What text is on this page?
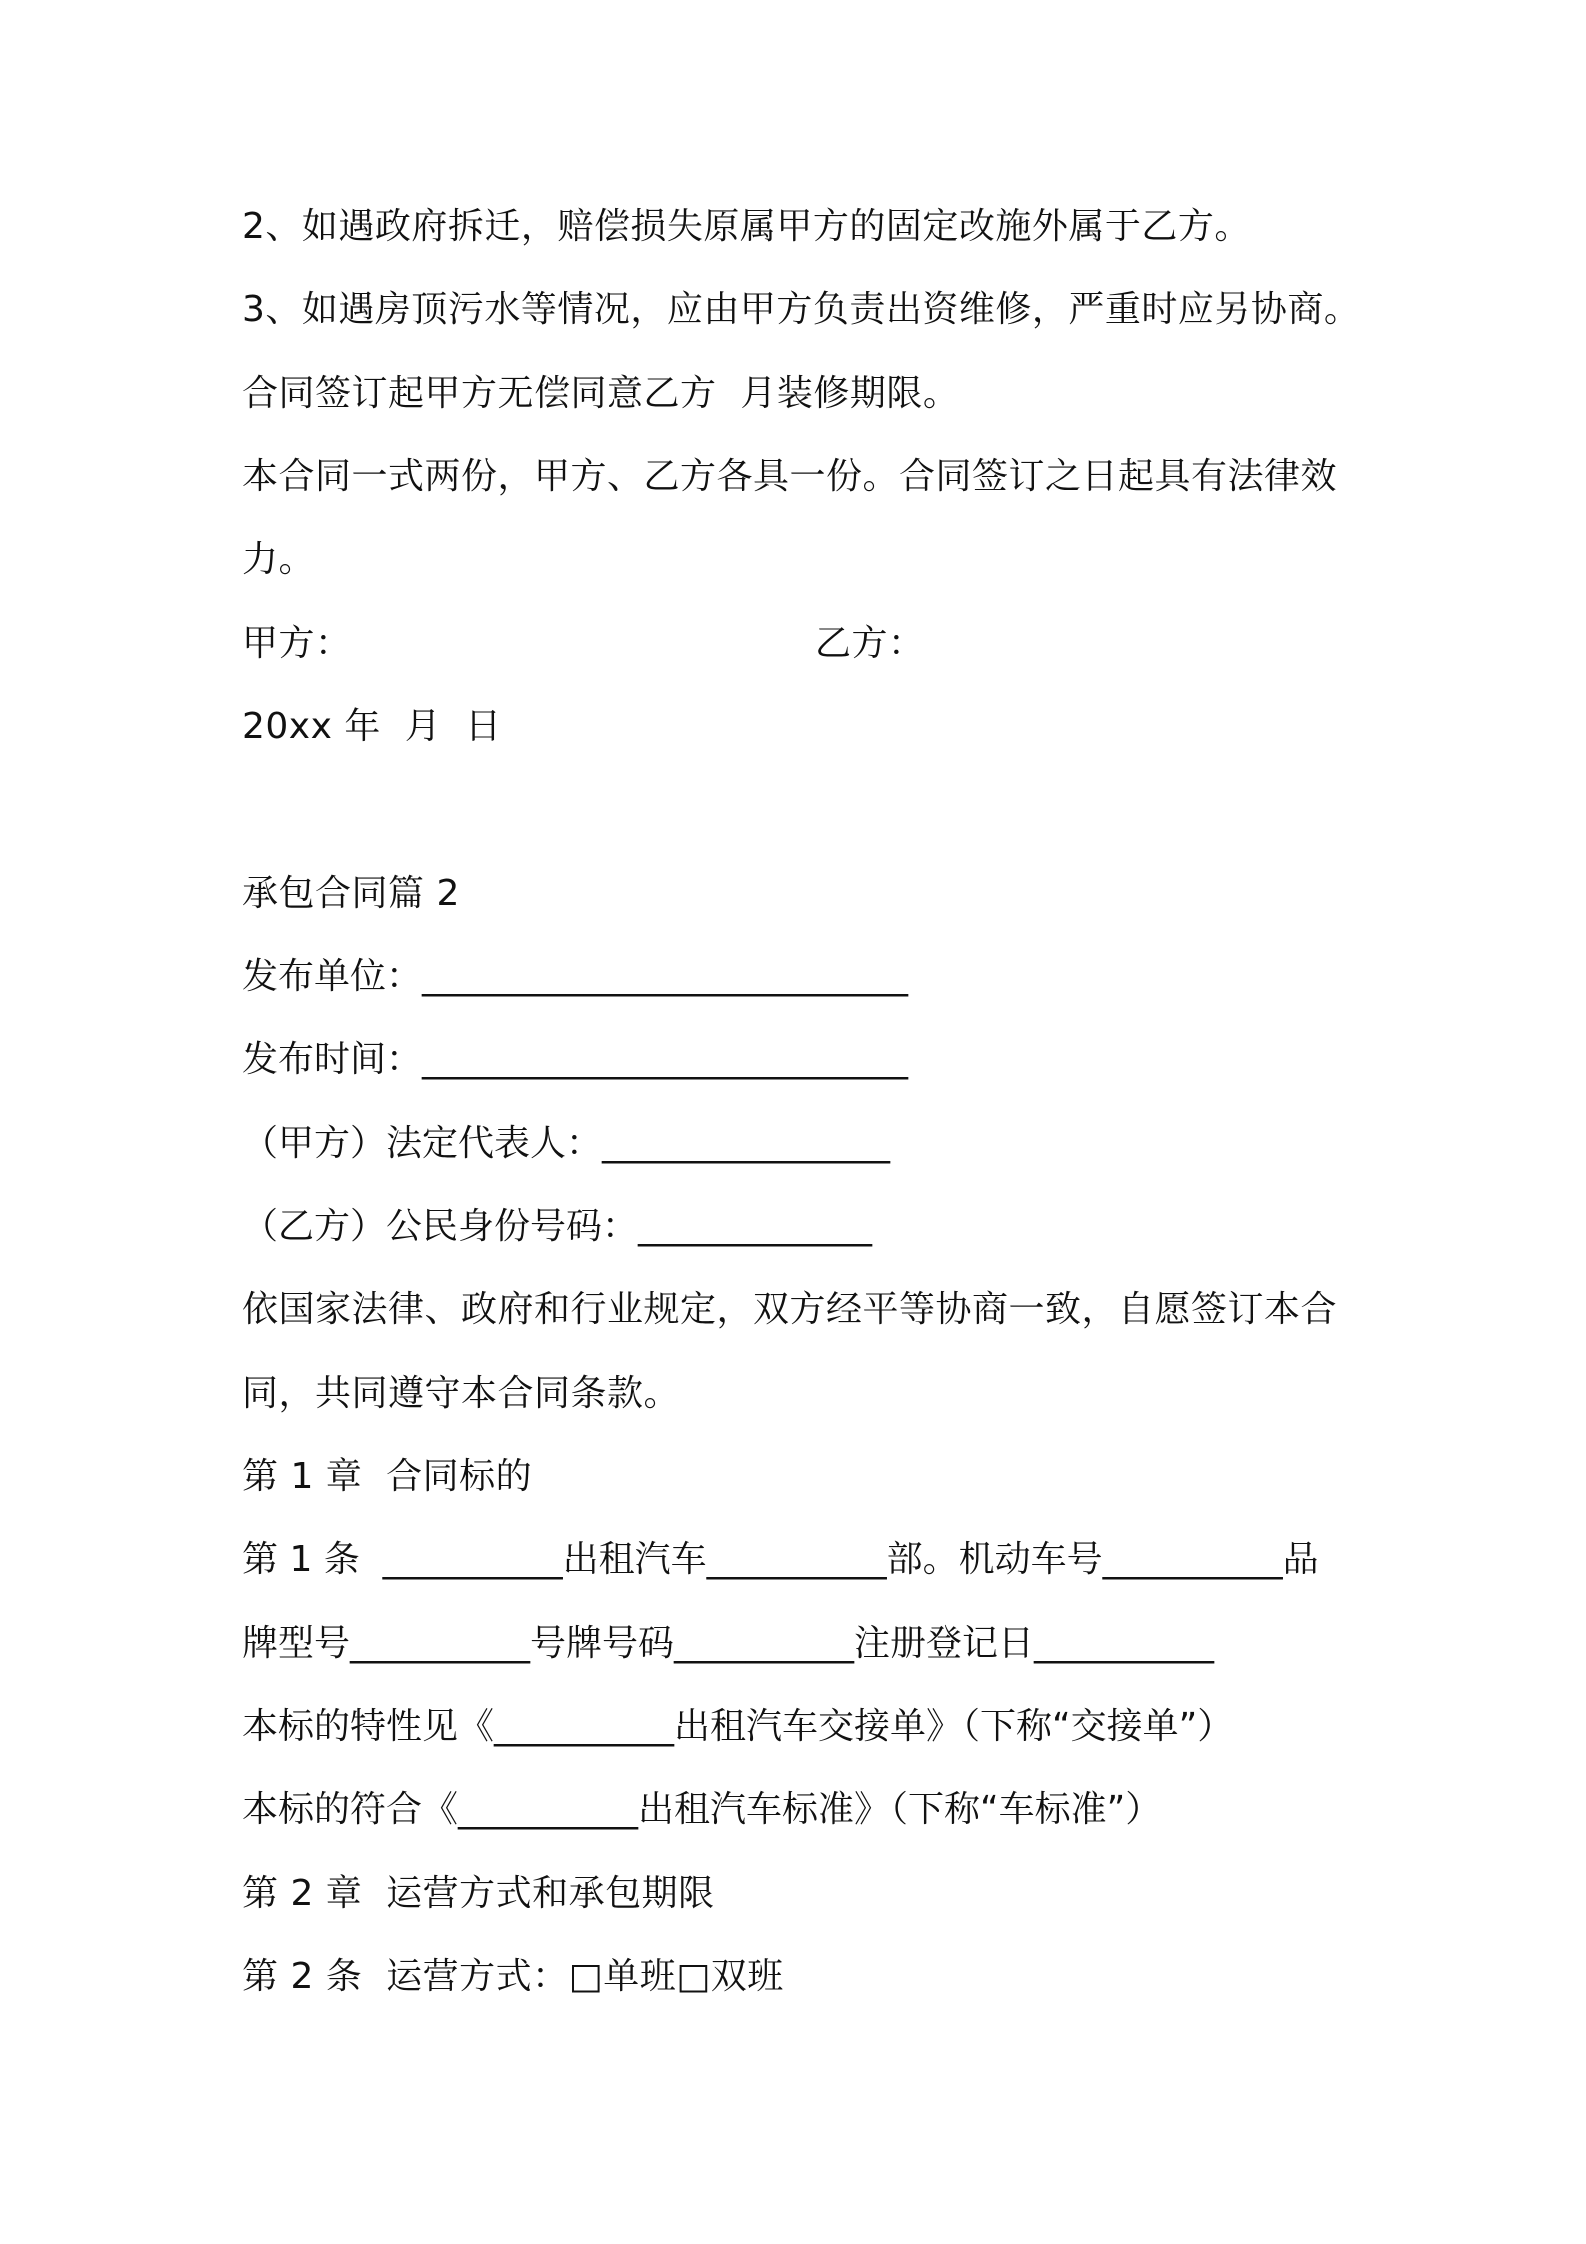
2、如遇政府拆迁，赔偿损失原属甲方的固定改施外属于乙方。
3、如遇房顶污水等情况，应由甲方负责出资维修，严重时应另协商。
合同签订起甲方无偿同意乙方  月装修期限。
本合同一式两份，甲方、乙方各具一份。合同签订之日起具有法律效
力。
甲方：	乙方：
20xx 年  月  日
承包合同篇 2
发布单位：___________________________
发布时间：___________________________
（甲方）法定代表人：________________
（乙方）公民身份号码：_____________
依国家法律、政府和行业规定，双方经平等协商一致，自愿签订本合
同，共同遵守本合同条款。
第 1 章  合同标的
第 1 条  __________出租汽车__________部。机动车号__________品
牌型号__________号牌号码__________注册登记日__________
本标的特性见《__________出租汽车交接单》（下称“交接单”）
本标的符合《__________出租汽车标准》（下称“车标准”）
第 2 章  运营方式和承包期限
第 2 条  运营方式：□单班□双班
